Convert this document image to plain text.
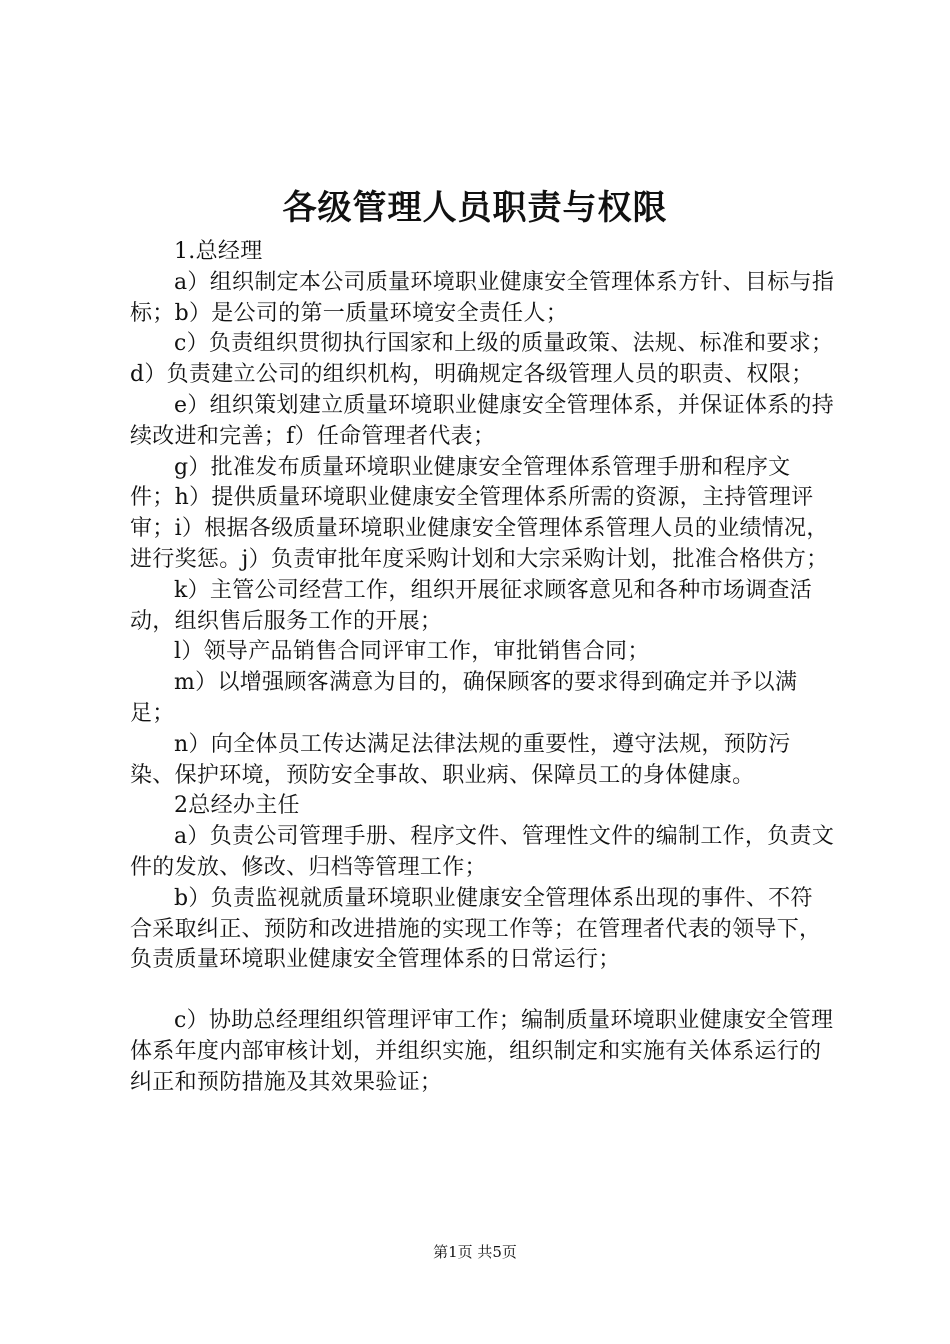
各级管理人员职责与权限

1.总经理

a）组织制定本公司质量环境职业健康安全管理体系方针、目标与指标；b）是公司的第一质量环境安全责任人；

c）负责组织贯彻执行国家和上级的质量政策、法规、标准和要求；d）负责建立公司的组织机构，明确规定各级管理人员的职责、权限；

e）组织策划建立质量环境职业健康安全管理体系，并保证体系的持续改进和完善；f）任命管理者代表；

g）批准发布质量环境职业健康安全管理体系管理手册和程序文件；h）提供质量环境职业健康安全管理体系所需的资源，主持管理评审；i）根据各级质量环境职业健康安全管理体系管理人员的业绩情况，进行奖惩。j）负责审批年度采购计划和大宗采购计划，批准合格供方；

k）主管公司经营工作，组织开展征求顾客意见和各种市场调查活动，组织售后服务工作的开展；

l）领导产品销售合同评审工作，审批销售合同；

m）以增强顾客满意为目的，确保顾客的要求得到确定并予以满足；

n）向全体员工传达满足法律法规的重要性，遵守法规，预防污染、保护环境，预防安全事故、职业病、保障员工的身体健康。

2总经办主任

a）负责公司管理手册、程序文件、管理性文件的编制工作，负责文件的发放、修改、归档等管理工作；

b）负责监视就质量环境职业健康安全管理体系出现的事件、不符合采取纠正、预防和改进措施的实现工作等；在管理者代表的领导下，负责质量环境职业健康安全管理体系的日常运行；

c）协助总经理组织管理评审工作；编制质量环境职业健康安全管理体系年度内部审核计划，并组织实施，组织制定和实施有关体系运行的纠正和预防措施及其效果验证；

第1页 共5页
